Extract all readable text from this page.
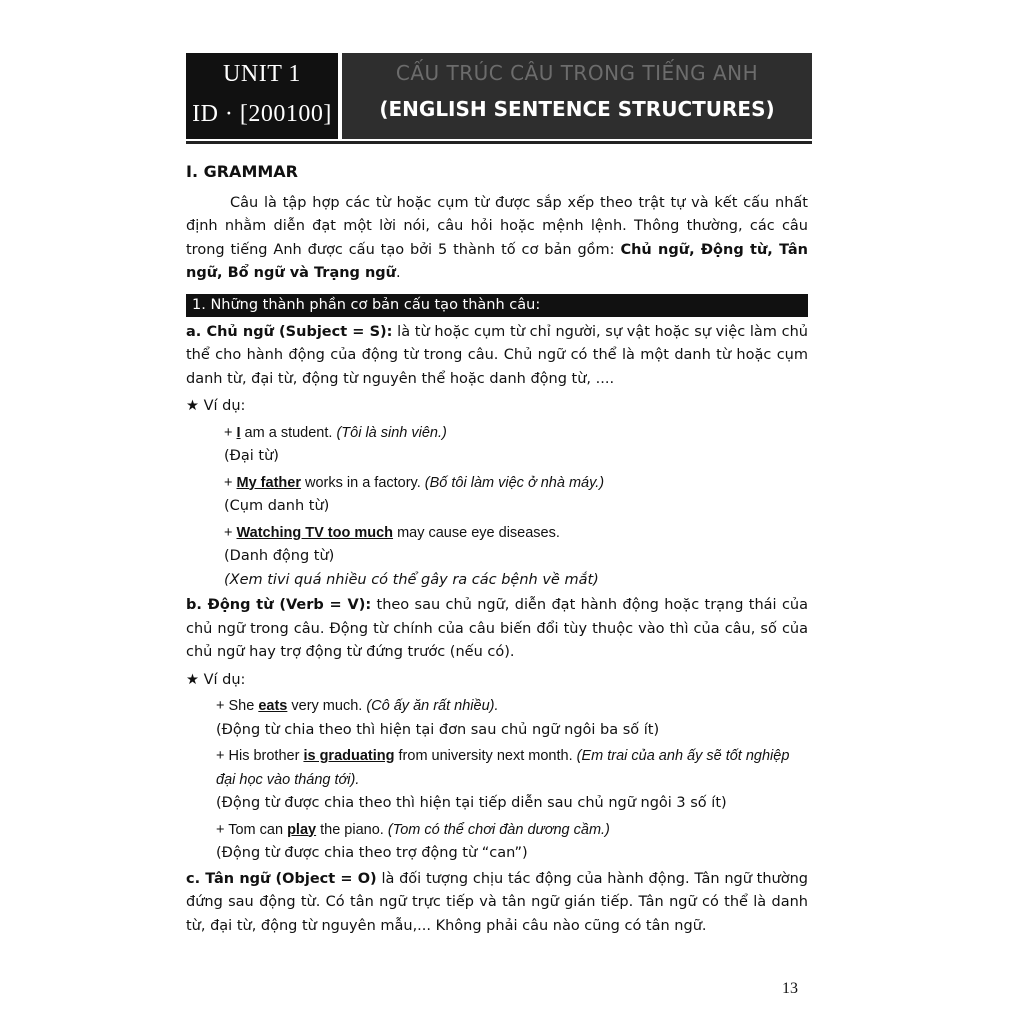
UNIT 1
ID · [200100]
CẤU TRÚC CÂU TRONG TIẾNG ANH
(ENGLISH SENTENCE STRUCTURES)
I. GRAMMAR

Câu là tập hợp các từ hoặc cụm từ được sắp xếp theo trật tự và kết cấu nhất định nhằm diễn đạt một lời nói, câu hỏi hoặc mệnh lệnh. Thông thường, các câu trong tiếng Anh được cấu tạo bởi 5 thành tố cơ bản gồm: Chủ ngữ, Động từ, Tân ngữ, Bổ ngữ và Trạng ngữ.

1. Những thành phần cơ bản cấu tạo thành câu:

a. Chủ ngữ (Subject = S): là từ hoặc cụm từ chỉ người, sự vật hoặc sự việc làm chủ thể cho hành động của động từ trong câu. Chủ ngữ có thể là một danh từ hoặc cụm danh từ, đại từ, động từ nguyên thể hoặc danh động từ, ....

★ Ví dụ:
+ I am a student. (Tôi là sinh viên.)
(Đại từ)
+ My father works in a factory. (Bố tôi làm việc ở nhà máy.)
(Cụm danh từ)
+ Watching TV too much may cause eye diseases.
(Danh động từ)
(Xem tivi quá nhiều có thể gây ra các bệnh về mắt)

b. Động từ (Verb = V): theo sau chủ ngữ, diễn đạt hành động hoặc trạng thái của chủ ngữ trong câu. Động từ chính của câu biến đổi tùy thuộc vào thì của câu, số của chủ ngữ hay trợ động từ đứng trước (nếu có).

★ Ví dụ:
+ She eats very much. (Cô ấy ăn rất nhiều).
(Động từ chia theo thì hiện tại đơn sau chủ ngữ ngôi ba số ít)
+ His brother is graduating from university next month. (Em trai của anh ấy sẽ tốt nghiệp đại học vào tháng tới).
(Động từ được chia theo thì hiện tại tiếp diễn sau chủ ngữ ngôi 3 số ít)
+ Tom can play the piano. (Tom có thể chơi đàn dương cầm.)
(Động từ được chia theo trợ động từ “can”)

c. Tân ngữ (Object = O) là đối tượng chịu tác động của hành động. Tân ngữ thường đứng sau động từ. Có tân ngữ trực tiếp và tân ngữ gián tiếp. Tân ngữ có thể là danh từ, đại từ, động từ nguyên mẫu,... Không phải câu nào cũng có tân ngữ.

13
